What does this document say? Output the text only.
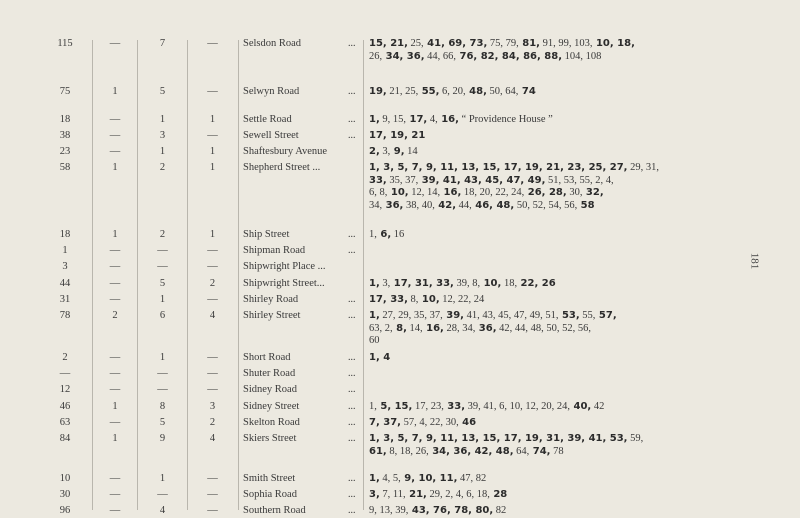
115	—	7	—	Selsdon Road	... 15, 21, 25, 41, 69, 73, 75, 79, 81, 91, 99, 103, 10, 18,
26, 34, 36, 44, 66, 76, 82, 84, 86, 88, 104, 108
75	1	5	—	Selwyn Road	... 19, 21, 25, 55, 6, 20, 48, 50, 64, 74
18	—	1	1	Settle Road	... 1, 9, 15, 17, 4, 16, “ Providence House ”
38	—	3	—	Sewell Street	... 17, 19, 21
23	—	1	1	Shaftesbury Avenue	2, 3, 9, 14
58	1	2	1	Shepherd Street ...	1, 3, 5, 7, 9, 11, 13, 15, 17, 19, 21, 23, 25, 27, 29, 31,
33, 35, 37, 39, 41, 43, 45, 47, 49, 51, 53, 55, 2, 4,
6, 8, 10, 12, 14, 16, 18, 20, 22, 24, 26, 28, 30, 32,
34, 36, 38, 40, 42, 44, 46, 48, 50, 52, 54, 56, 58
18	1	2	1	Ship Street	... 1, 6, 16
1	—	—	—	Shipman Road	...
3	—	—	—	Shipwright Place ...
44	—	5	2	Shipwright Street...	1, 3, 17, 31, 33, 39, 8, 10, 18, 22, 26
31	—	1	—	Shirley Road	... 17, 33, 8, 10, 12, 22, 24
78	2	6	4	Shirley Street	... 1, 27, 29, 35, 37, 39, 41, 43, 45, 47, 49, 51, 53, 55, 57,
63, 2, 8, 14, 16, 28, 34, 36, 42, 44, 48, 50, 52, 56,
60
2	—	1	—	Short Road	... 1, 4
—	—	—	—	Shuter Road	...
12	—	—	—	Sidney Road	...
46	1	8	3	Sidney Street	... 1, 5, 15, 17, 23, 33, 39, 41, 6, 10, 12, 20, 24, 40, 42
63	—	5	2	Skelton Road	... 7, 37, 57, 4, 22, 30, 46
84	1	9	4	Skiers Street	... 1, 3, 5, 7, 9, 11, 13, 15, 17, 19, 31, 39, 41, 53, 59,
61, 8, 18, 26, 34, 36, 42, 48, 64, 74, 78
10	—	1	—	Smith Street	... 1, 4, 5, 9, 10, 11, 47, 82
30	—	—	—	Sophia Road	... 3, 7, 11, 21, 29, 2, 4, 6, 18, 28
96	—	4	—	Southern Road	... 9, 13, 39, 43, 76, 78, 80, 82
181
